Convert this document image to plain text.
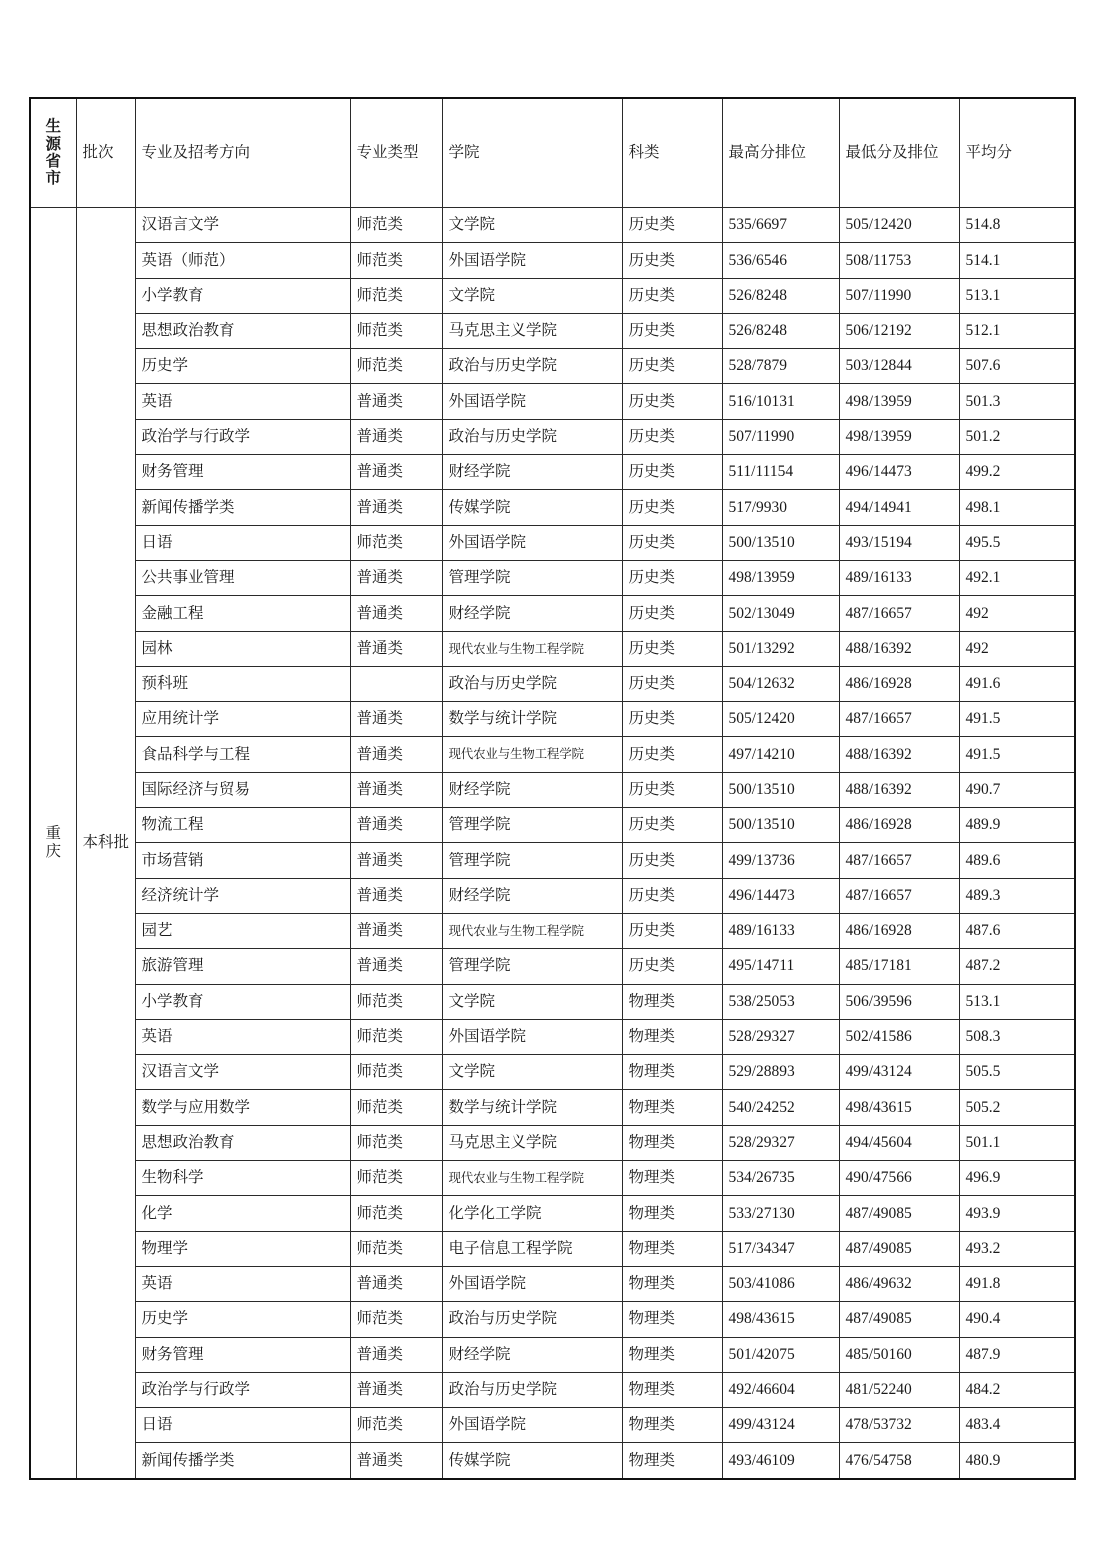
生
源
省
市	批次	专业及招考方向	专业类型	学院	科类	最高分排位	最低分及排位	平均分

重
庆	本科批	汉语言文学	师范类	文学院	历史类	535/6697	505/12420	514.8
		英语（师范）	师范类	外国语学院	历史类	536/6546	508/11753	514.1
		小学教育	师范类	文学院	历史类	526/8248	507/11990	513.1
		思想政治教育	师范类	马克思主义学院	历史类	526/8248	506/12192	512.1
		历史学	师范类	政治与历史学院	历史类	528/7879	503/12844	507.6
		英语	普通类	外国语学院	历史类	516/10131	498/13959	501.3
		政治学与行政学	普通类	政治与历史学院	历史类	507/11990	498/13959	501.2
		财务管理	普通类	财经学院	历史类	511/11154	496/14473	499.2
		新闻传播学类	普通类	传媒学院	历史类	517/9930	494/14941	498.1
		日语	师范类	外国语学院	历史类	500/13510	493/15194	495.5
		公共事业管理	普通类	管理学院	历史类	498/13959	489/16133	492.1
		金融工程	普通类	财经学院	历史类	502/13049	487/16657	492
		园林	普通类	现代农业与生物工程学院	历史类	501/13292	488/16392	492
		预科班		政治与历史学院	历史类	504/12632	486/16928	491.6
		应用统计学	普通类	数学与统计学院	历史类	505/12420	487/16657	491.5
		食品科学与工程	普通类	现代农业与生物工程学院	历史类	497/14210	488/16392	491.5
		国际经济与贸易	普通类	财经学院	历史类	500/13510	488/16392	490.7
		物流工程	普通类	管理学院	历史类	500/13510	486/16928	489.9
		市场营销	普通类	管理学院	历史类	499/13736	487/16657	489.6
		经济统计学	普通类	财经学院	历史类	496/14473	487/16657	489.3
		园艺	普通类	现代农业与生物工程学院	历史类	489/16133	486/16928	487.6
		旅游管理	普通类	管理学院	历史类	495/14711	485/17181	487.2
		小学教育	师范类	文学院	物理类	538/25053	506/39596	513.1
		英语	师范类	外国语学院	物理类	528/29327	502/41586	508.3
		汉语言文学	师范类	文学院	物理类	529/28893	499/43124	505.5
		数学与应用数学	师范类	数学与统计学院	物理类	540/24252	498/43615	505.2
		思想政治教育	师范类	马克思主义学院	物理类	528/29327	494/45604	501.1
		生物科学	师范类	现代农业与生物工程学院	物理类	534/26735	490/47566	496.9
		化学	师范类	化学化工学院	物理类	533/27130	487/49085	493.9
		物理学	师范类	电子信息工程学院	物理类	517/34347	487/49085	493.2
		英语	普通类	外国语学院	物理类	503/41086	486/49632	491.8
		历史学	师范类	政治与历史学院	物理类	498/43615	487/49085	490.4
		财务管理	普通类	财经学院	物理类	501/42075	485/50160	487.9
		政治学与行政学	普通类	政治与历史学院	物理类	492/46604	481/52240	484.2
		日语	师范类	外国语学院	物理类	499/43124	478/53732	483.4
		新闻传播学类	普通类	传媒学院	物理类	493/46109	476/54758	480.9
